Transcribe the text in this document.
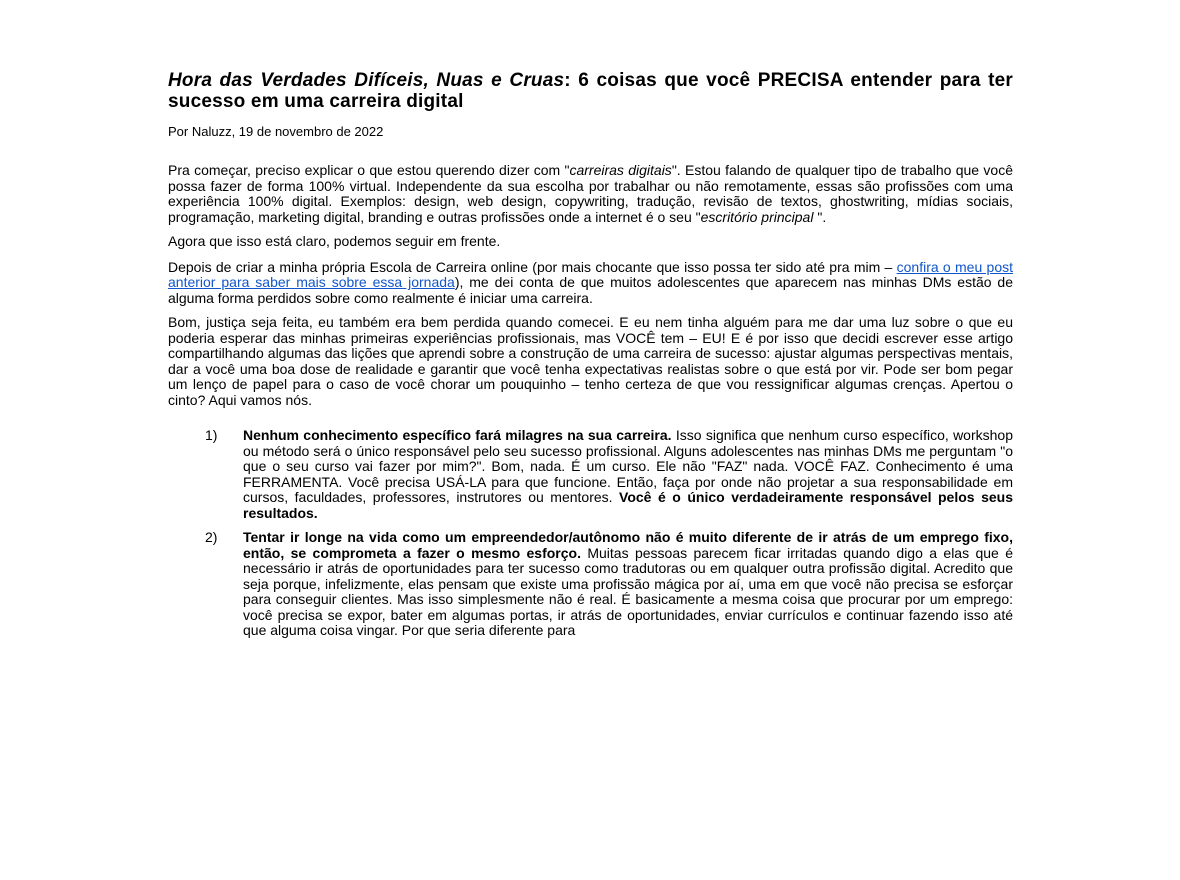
Hora das Verdades Difíceis, Nuas e Cruas: 6 coisas que você PRECISA entender para ter sucesso em uma carreira digital

Por Naluzz, 19 de novembro de 2022

Pra começar, preciso explicar o que estou querendo dizer com "carreiras digitais". Estou falando de qualquer tipo de trabalho que você possa fazer de forma 100% virtual. Independente da sua escolha por trabalhar ou não remotamente, essas são profissões com uma experiência 100% digital. Exemplos: design, web design, copywriting, tradução, revisão de textos, ghostwriting, mídias sociais, programação, marketing digital, branding e outras profissões onde a internet é o seu "escritório principal ".

Agora que isso está claro, podemos seguir em frente.

Depois de criar a minha própria Escola de Carreira online (por mais chocante que isso possa ter sido até pra mim – confira o meu post anterior para saber mais sobre essa jornada), me dei conta de que muitos adolescentes que aparecem nas minhas DMs estão de alguma forma perdidos sobre como realmente é iniciar uma carreira.

Bom, justiça seja feita, eu também era bem perdida quando comecei. E eu nem tinha alguém para me dar uma luz sobre o que eu poderia esperar das minhas primeiras experiências profissionais, mas VOCÊ tem – EU! E é por isso que decidi escrever esse artigo compartilhando algumas das lições que aprendi sobre a construção de uma carreira de sucesso: ajustar algumas perspectivas mentais, dar a você uma boa dose de realidade e garantir que você tenha expectativas realistas sobre o que está por vir. Pode ser bom pegar um lenço de papel para o caso de você chorar um pouquinho – tenho certeza de que vou ressignificar algumas crenças. Apertou o cinto? Aqui vamos nós.

1) Nenhum conhecimento específico fará milagres na sua carreira. Isso significa que nenhum curso específico, workshop ou método será o único responsável pelo seu sucesso profissional. Alguns adolescentes nas minhas DMs me perguntam "o que o seu curso vai fazer por mim?". Bom, nada. É um curso. Ele não "FAZ" nada. VOCÊ FAZ. Conhecimento é uma FERRAMENTA. Você precisa USÁ-LA para que funcione. Então, faça por onde não projetar a sua responsabilidade em cursos, faculdades, professores, instrutores ou mentores. Você é o único verdadeiramente responsável pelos seus resultados.
2) Tentar ir longe na vida como um empreendedor/autônomo não é muito diferente de ir atrás de um emprego fixo, então, se comprometa a fazer o mesmo esforço. Muitas pessoas parecem ficar irritadas quando digo a elas que é necessário ir atrás de oportunidades para ter sucesso como tradutoras ou em qualquer outra profissão digital. Acredito que seja porque, infelizmente, elas pensam que existe uma profissão mágica por aí, uma em que você não precisa se esforçar para conseguir clientes. Mas isso simplesmente não é real. É basicamente a mesma coisa que procurar por um emprego: você precisa se expor, bater em algumas portas, ir atrás de oportunidades, enviar currículos e continuar fazendo isso até que alguma coisa vingar. Por que seria diferente para
